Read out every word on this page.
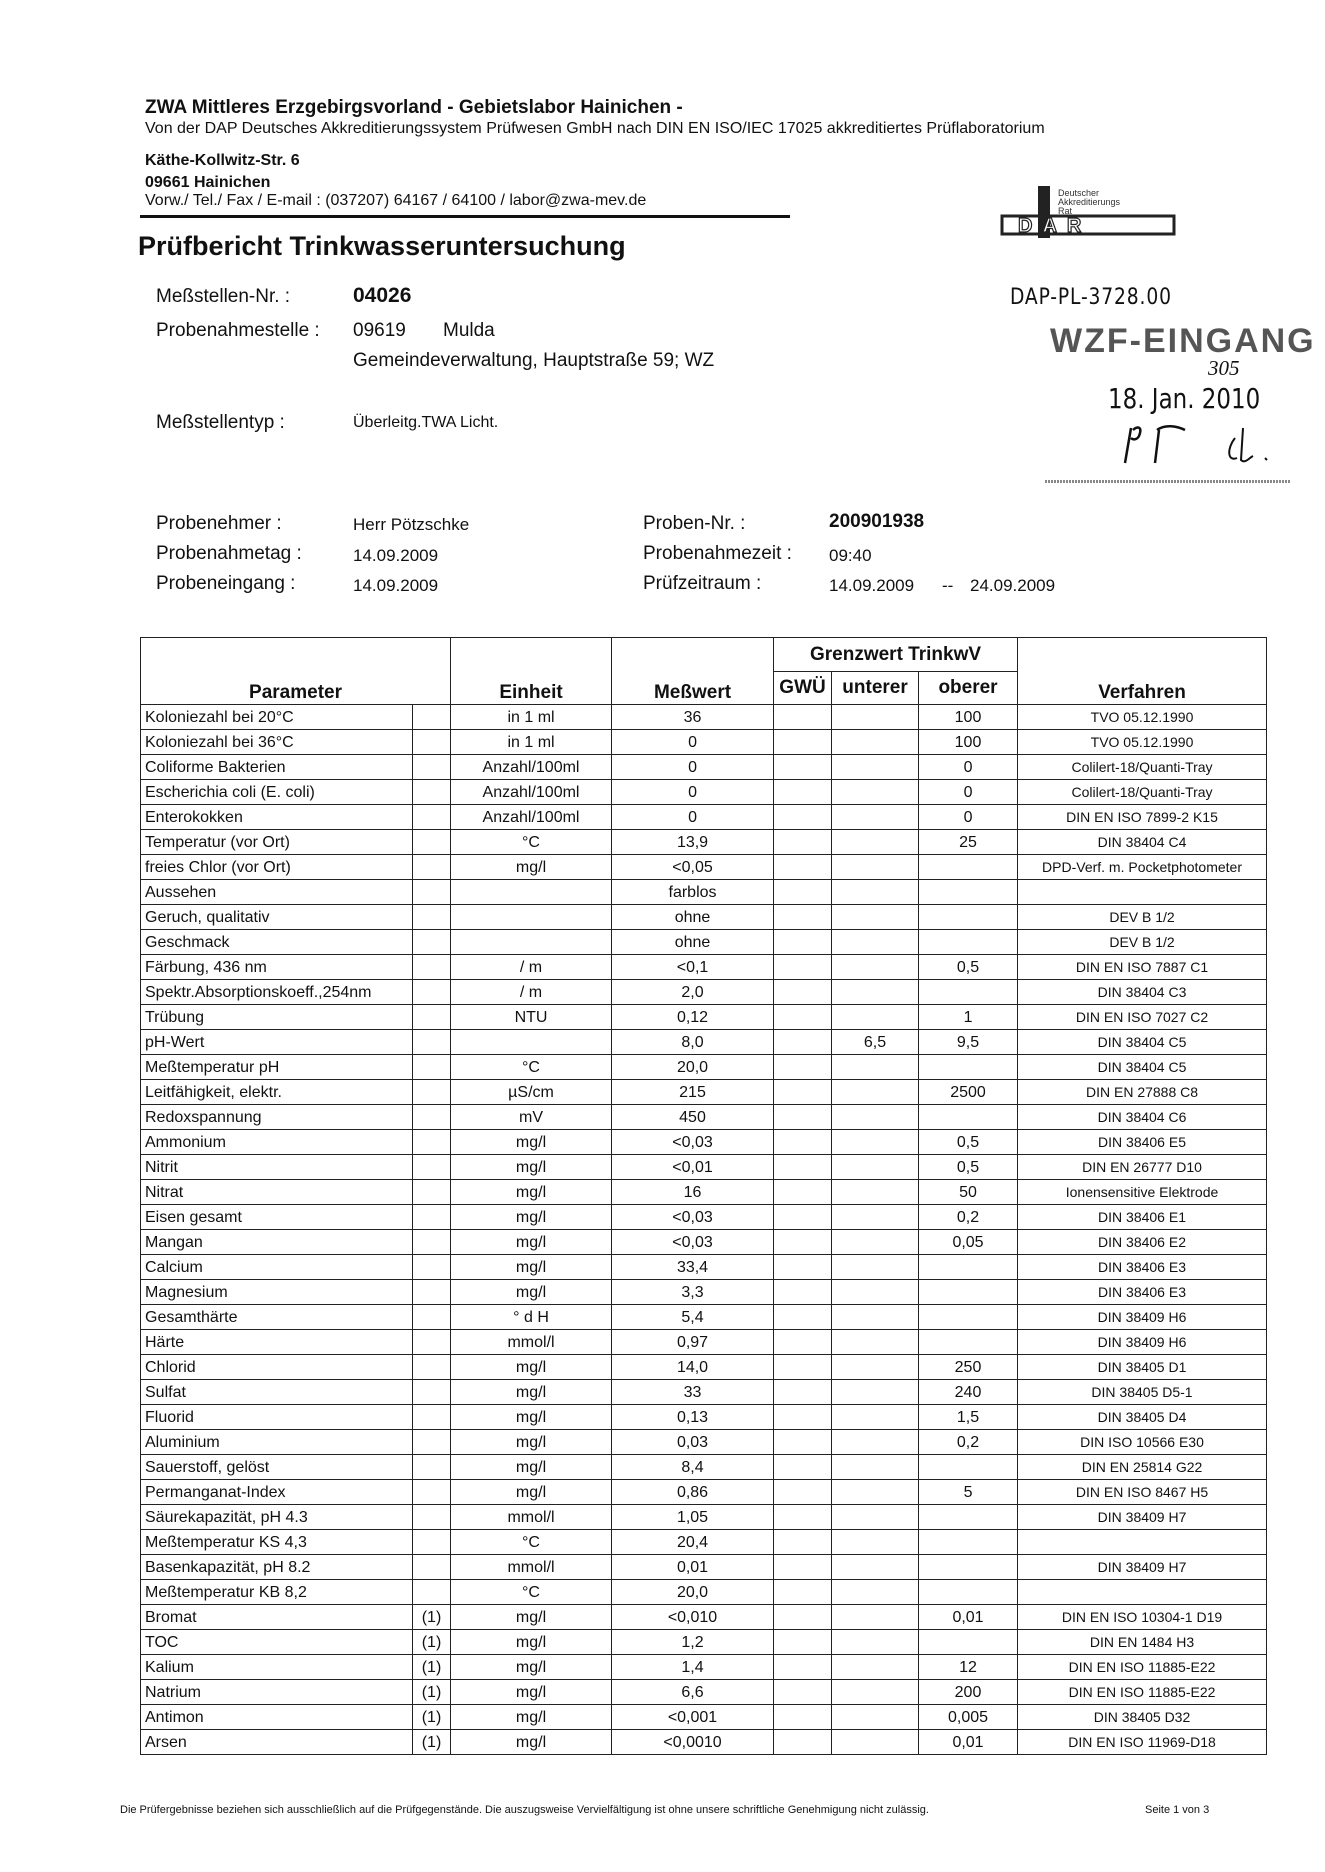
ZWA Mittleres Erzgebirgsvorland - Gebietslabor Hainichen -
Von der DAP Deutsches Akkreditierungssystem Prüfwesen GmbH nach DIN EN ISO/IEC 17025 akkreditiertes Prüflaboratorium
Käthe-Kollwitz-Str. 6
09661 Hainichen
Vorw./ Tel./ Fax / E-mail : (037207) 64167 / 64100 / labor@zwa-mev.de
Prüfbericht Trinkwasseruntersuchung
DAR
Deutscher
Akkreditierungs
Rat
DAP-PL-3728.00
WZF-EINGANG
305
18. Jan. 2010
Meßstellen-Nr. :	04026
Probenahmestelle : 09619 Mulda
Gemeindeverwaltung, Hauptstraße 59; WZ
Meßstellentyp :	Überleitg.TWA Licht.
Probenehmer :	Herr Pötzschke
Probenahmetag :	14.09.2009
Probeneingang :	14.09.2009
Proben-Nr. :	200901938
Probenahmezeit : 09:40
Prüfzeitraum :	14.09.2009 -- 24.09.2009
Parameter		Einheit	Meßwert	Grenzwert TrinkwV			Verfahren
				GWÜ	unterer	oberer	
Koloniezahl bei 20°C		in 1 ml	36			100	TVO 05.12.1990
Koloniezahl bei 36°C		in 1 ml	0			100	TVO 05.12.1990
Coliforme Bakterien		Anzahl/100ml	0			0	Colilert-18/Quanti-Tray
Escherichia coli (E. coli)		Anzahl/100ml	0			0	Colilert-18/Quanti-Tray
Enterokokken		Anzahl/100ml	0			0	DIN EN ISO 7899-2 K15
Temperatur (vor Ort)		°C	13,9			25	DIN 38404 C4
freies Chlor (vor Ort)		mg/l	<0,05				DPD-Verf. m. Pocketphotometer
Aussehen			farblos				
Geruch, qualitativ			ohne				DEV B 1/2
Geschmack			ohne				DEV B 1/2
Färbung, 436 nm		/ m	<0,1			0,5	DIN EN ISO 7887 C1
Spektr.Absorptionskoeff.,254nm		/ m	2,0				DIN 38404 C3
Trübung		NTU	0,12			1	DIN EN ISO 7027 C2
pH-Wert			8,0		6,5	9,5	DIN 38404 C5
Meßtemperatur pH		°C	20,0				DIN 38404 C5
Leitfähigkeit, elektr.		µS/cm	215			2500	DIN EN 27888 C8
Redoxspannung		mV	450				DIN 38404 C6
Ammonium		mg/l	<0,03			0,5	DIN 38406 E5
Nitrit		mg/l	<0,01			0,5	DIN EN 26777 D10
Nitrat		mg/l	16			50	Ionensensitive Elektrode
Eisen gesamt		mg/l	<0,03			0,2	DIN 38406 E1
Mangan		mg/l	<0,03			0,05	DIN 38406 E2
Calcium		mg/l	33,4				DIN 38406 E3
Magnesium		mg/l	3,3				DIN 38406 E3
Gesamthärte		° d H	5,4				DIN 38409 H6
Härte		mmol/l	0,97				DIN 38409 H6
Chlorid		mg/l	14,0			250	DIN 38405 D1
Sulfat		mg/l	33			240	DIN 38405 D5-1
Fluorid		mg/l	0,13			1,5	DIN 38405 D4
Aluminium		mg/l	0,03			0,2	DIN ISO 10566 E30
Sauerstoff, gelöst		mg/l	8,4				DIN EN 25814 G22
Permanganat-Index		mg/l	0,86			5	DIN EN ISO 8467 H5
Säurekapazität, pH 4.3		mmol/l	1,05				DIN 38409 H7
Meßtemperatur KS 4,3		°C	20,4				
Basenkapazität, pH 8.2		mmol/l	0,01				DIN 38409 H7
Meßtemperatur KB 8,2		°C	20,0				
Bromat	(1)	mg/l	<0,010			0,01	DIN EN ISO 10304-1 D19
TOC	(1)	mg/l	1,2				DIN EN 1484 H3
Kalium	(1)	mg/l	1,4			12	DIN EN ISO 11885-E22
Natrium	(1)	mg/l	6,6			200	DIN EN ISO 11885-E22
Antimon	(1)	mg/l	<0,001			0,005	DIN 38405 D32
Arsen	(1)	mg/l	<0,0010			0,01	DIN EN ISO 11969-D18
Die Prüfergebnisse beziehen sich ausschließlich auf die Prüfgegenstände. Die auszugsweise Vervielfältigung ist ohne unsere schriftliche Genehmigung nicht zulässig.	Seite 1 von 3
